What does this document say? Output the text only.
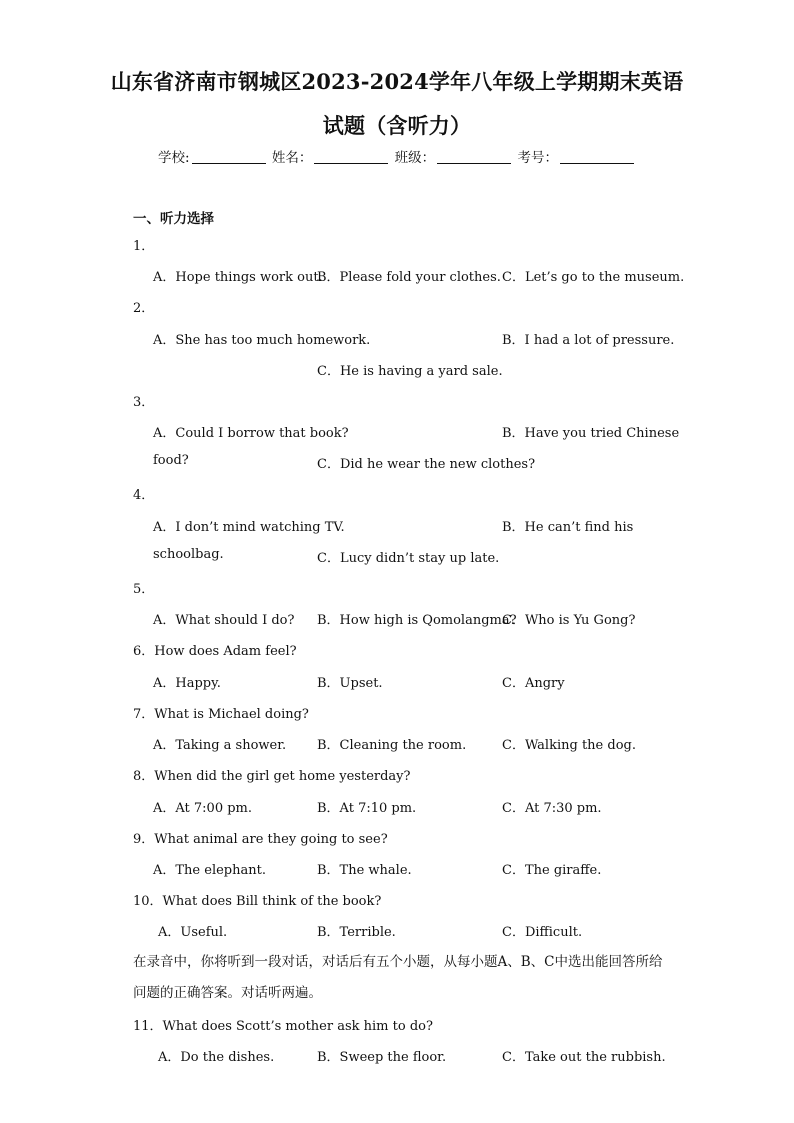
山东省济南市钢城区2023-2024学年八年级上学期期末英语
试题（含听力）
学校:	姓名：	班级：	考号：
一、听力选择
1．
A．Hope things work out.
B．Please fold your clothes. C．Let’s go to the museum.
2．
A．She has too much homework.	B．I had a lot of pressure.
C．He is having a yard sale.
3．
A．Could I borrow that book?	B．Have you tried Chinese
food?	C．Did he wear the new clothes?
4．
A．I don’t mind watching TV.	B．He can’t find his
schoolbag.	C．Lucy didn’t stay up late.
5．
A．What should I do? B．How high is Qomolangma?
C．Who is Yu Gong?
6．How does Adam feel?
A．Happy.	B．Upset.	C．Angry
7．What is Michael doing?
A．Taking a shower. B．Cleaning the room.	C．Walking the dog.
8．When did the girl get home yesterday?
A．At 7:00 pm.	B．At 7:10 pm.	C．At 7:30 pm.
9．What animal are they going to see?
A．The elephant.	B．The whale.	C．The giraffe.
10．What does Bill think of the book?
A．Useful.	B．Terrible.	C．Difficult.
在录音中，你将听到一段对话，对话后有五个小题，从每小题A、B、C中选出能回答所给问题的正确答案。对话听两遍。
11．What does Scott’s mother ask him to do?
A．Do the dishes.	B．Sweep the floor.	C．Take out the rubbish.
